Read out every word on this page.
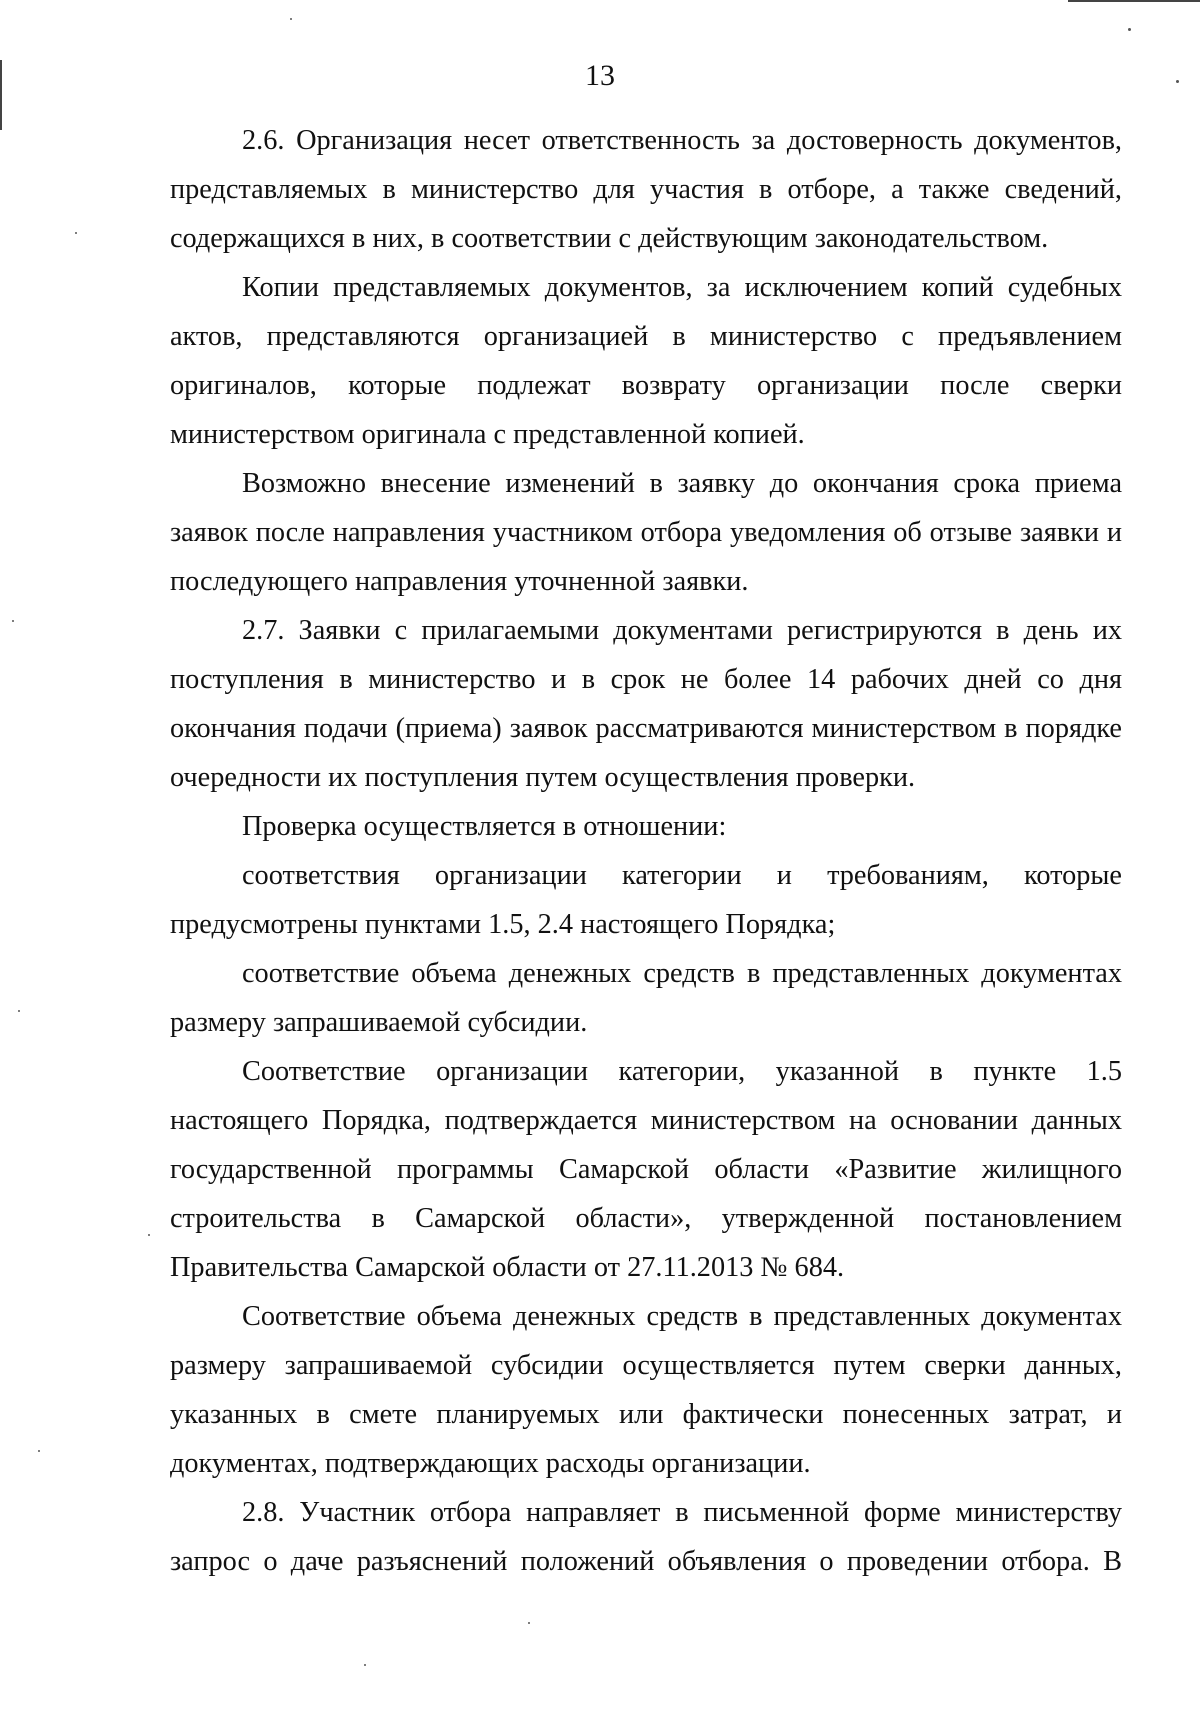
13

2.6. Организация несет ответственность за достоверность документов, представляемых в министерство для участия в отборе, а также сведений, содержащихся в них, в соответствии с действующим законодательством.

Копии представляемых документов, за исключением копий судебных актов, представляются организацией в министерство с предъявлением оригиналов, которые подлежат возврату организации после сверки министерством оригинала с представленной копией.

Возможно внесение изменений в заявку до окончания срока приема заявок после направления участником отбора уведомления об отзыве заявки и последующего направления уточненной заявки.

2.7. Заявки с прилагаемыми документами регистрируются в день их поступления в министерство и в срок не более 14 рабочих дней со дня окончания подачи (приема) заявок рассматриваются министерством в порядке очередности их поступления путем осуществления проверки.

Проверка осуществляется в отношении:

соответствия организации категории и требованиям, которые предусмотрены пунктами 1.5, 2.4 настоящего Порядка;

соответствие объема денежных средств в представленных документах размеру запрашиваемой субсидии.

Соответствие организации категории, указанной в пункте 1.5 настоящего Порядка, подтверждается министерством на основании данных государственной программы Самарской области «Развитие жилищного строительства в Самарской области», утвержденной постановлением Правительства Самарской области от 27.11.2013 № 684.

Соответствие объема денежных средств в представленных документах размеру запрашиваемой субсидии осуществляется путем сверки данных, указанных в смете планируемых или фактически понесенных затрат, и документах, подтверждающих расходы организации.

2.8. Участник отбора направляет в письменной форме министерству запрос о даче разъяснений положений объявления о проведении отбора. В
